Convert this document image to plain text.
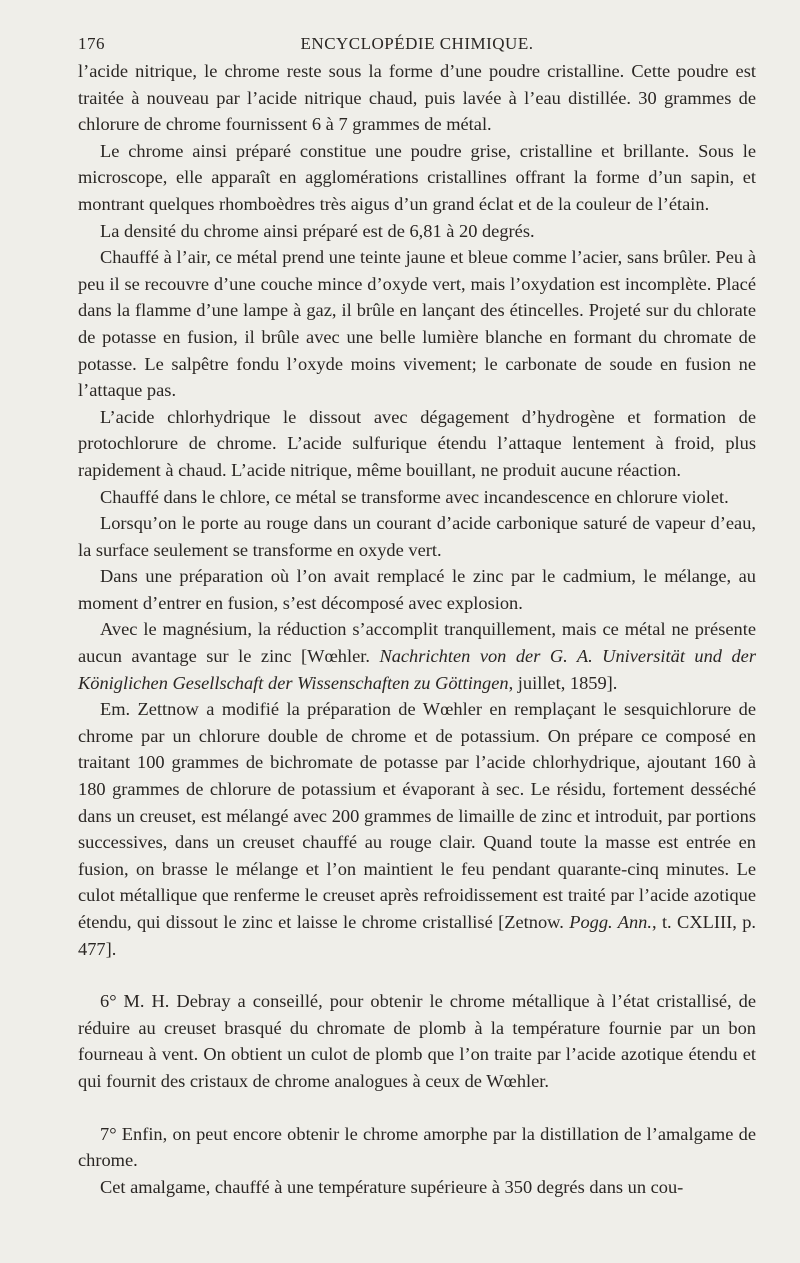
176	ENCYCLOPÉDIE CHIMIQUE.

l’acide nitrique, le chrome reste sous la forme d’une poudre cristalline. Cette poudre est traitée à nouveau par l’acide nitrique chaud, puis lavée à l’eau distillée. 30 grammes de chlorure de chrome fournissent 6 à 7 grammes de métal.

Le chrome ainsi préparé constitue une poudre grise, cristalline et brillante. Sous le microscope, elle apparaît en agglomérations cristallines offrant la forme d’un sapin, et montrant quelques rhomboèdres très aigus d’un grand éclat et de la couleur de l’étain.

La densité du chrome ainsi préparé est de 6,81 à 20 degrés.

Chauffé à l’air, ce métal prend une teinte jaune et bleue comme l’acier, sans brûler. Peu à peu il se recouvre d’une couche mince d’oxyde vert, mais l’oxydation est incomplète. Placé dans la flamme d’une lampe à gaz, il brûle en lançant des étincelles. Projeté sur du chlorate de potasse en fusion, il brûle avec une belle lumière blanche en formant du chromate de potasse. Le salpêtre fondu l’oxyde moins vivement; le carbonate de soude en fusion ne l’attaque pas.

L’acide chlorhydrique le dissout avec dégagement d’hydrogène et formation de protochlorure de chrome. L’acide sulfurique étendu l’attaque lentement à froid, plus rapidement à chaud. L’acide nitrique, même bouillant, ne produit aucune réaction.

Chauffé dans le chlore, ce métal se transforme avec incandescence en chlorure violet.

Lorsqu’on le porte au rouge dans un courant d’acide carbonique saturé de vapeur d’eau, la surface seulement se transforme en oxyde vert.

Dans une préparation où l’on avait remplacé le zinc par le cadmium, le mélange, au moment d’entrer en fusion, s’est décomposé avec explosion.

Avec le magnésium, la réduction s’accomplit tranquillement, mais ce métal ne présente aucun avantage sur le zinc [Wœhler. Nachrichten von der G. A. Universität und der Königlichen Gesellschaft der Wissenschaften zu Göttingen, juillet, 1859].

Em. Zettnow a modifié la préparation de Wœhler en remplaçant le sesquichlorure de chrome par un chlorure double de chrome et de potassium. On prépare ce composé en traitant 100 grammes de bichromate de potasse par l’acide chlorhydrique, ajoutant 160 à 180 grammes de chlorure de potassium et évaporant à sec. Le résidu, fortement desséché dans un creuset, est mélangé avec 200 grammes de limaille de zinc et introduit, par portions successives, dans un creuset chauffé au rouge clair. Quand toute la masse est entrée en fusion, on brasse le mélange et l’on maintient le feu pendant quarante-cinq minutes. Le culot métallique que renferme le creuset après refroidissement est traité par l’acide azotique étendu, qui dissout le zinc et laisse le chrome cristallisé [Zetnow. Pogg. Ann., t. CXLIII, p. 477].

6° M. H. Debray a conseillé, pour obtenir le chrome métallique à l’état cristallisé, de réduire au creuset brasqué du chromate de plomb à la température fournie par un bon fourneau à vent. On obtient un culot de plomb que l’on traite par l’acide azotique étendu et qui fournit des cristaux de chrome analogues à ceux de Wœhler.

7° Enfin, on peut encore obtenir le chrome amorphe par la distillation de l’amalgame de chrome.

Cet amalgame, chauffé à une température supérieure à 350 degrés dans un cou-
